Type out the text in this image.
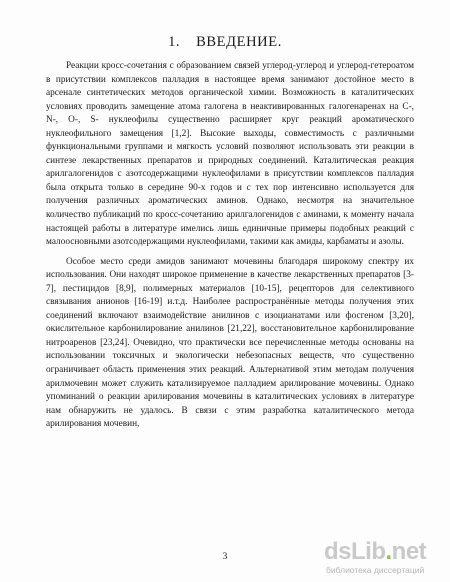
1. ВВЕДЕНИЕ.

Реакции кросс-сочетания с образованием связей углерод-углерод и углерод-гетероатом в присутствии комплексов палладия в настоящее время занимают достойное место в арсенале синтетических методов органической химии. Возможность в каталитических условиях проводить замещение атома галогена в неактивированных галогенаренах на C-, N-, O-, S- нуклеофилы существенно расширяет круг реакций ароматического нуклеофильного замещения [1,2]. Высокие выходы, совместимость с различными функциональными группами и мягкость условий позволяют использовать эти реакции в синтезе лекарственных препаратов и природных соединений. Каталитическая реакция арилгалогенидов с азотсодержащими нуклеофилами в присутствии комплексов палладия была открыта только в середине 90-х годов и с тех пор интенсивно используется для получения различных ароматических аминов. Однако, несмотря на значительное количество публикаций по кросс-сочетанию арилгалогенидов с аминами, к моменту начала настоящей работы в литературе имелись лишь единичные примеры подобных реакций с малоосновными азотсодержащими нуклеофилами, такими как амиды, карбаматы и азолы.

Особое место среди амидов занимают мочевины благодаря широкому спектру их использования. Они находят широкое применение в качестве лекарственных препаратов [3-7], пестицидов [8,9], полимерных материалов [10-15], рецепторов для селективного связывания анионов [16-19] и.т.д. Наиболее распространённые методы получения этих соединений включают взаимодействие анилинов с изоцианатами или фосгеном [3,20], окислительное карбонилирование анилинов [21,22], восстановительное карбонилирование нитроаренов [23,24]. Очевидно, что практически все перечисленные методы основаны на использовании токсичных и экологически небезопасных веществ, что существенно ограничивает область применения этих реакций. Альтернативой этим методам получения арилмочевин может служить катализируемое палладием арилирование мочевины. Однако упоминаний о реакции арилирования мочевины в каталитических условиях в литературе нам обнаружить не удалось. В связи с этим разработка каталитического метода арилирования мочевин,

3	dsLib.net
библиотека диссертаций
